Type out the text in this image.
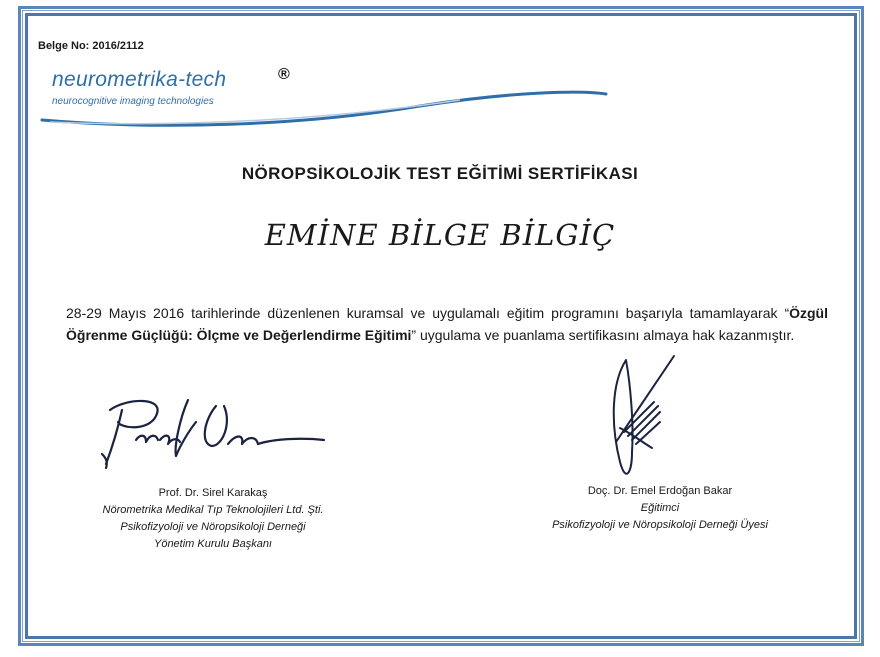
Belge No: 2016/2112
neurometrika-tech	®
neurocognitive imaging technologies
NÖROPSİKOLOJİK TEST EĞİTİMİ SERTİFİKASI
EMİNE BİLGE BİLGİÇ
28-29 Mayıs 2016 tarihlerinde düzenlenen kuramsal ve uygulamalı eğitim programını başarıyla tamamlayarak “Özgül Öğrenme Güçlüğü: Ölçme ve Değerlendirme Eğitimi” uygulama ve puanlama sertifikasını almaya hak kazanmıştır.
Prof. Dr. Sirel Karakaş
Nörometrika Medikal Tıp Teknolojileri Ltd. Şti.
Psikofizyoloji ve Nöropsikoloji Derneği
Yönetim Kurulu Başkanı
Doç. Dr. Emel Erdoğan Bakar
Eğitimci
Psikofizyoloji ve Nöropsikoloji Derneği Üyesi
